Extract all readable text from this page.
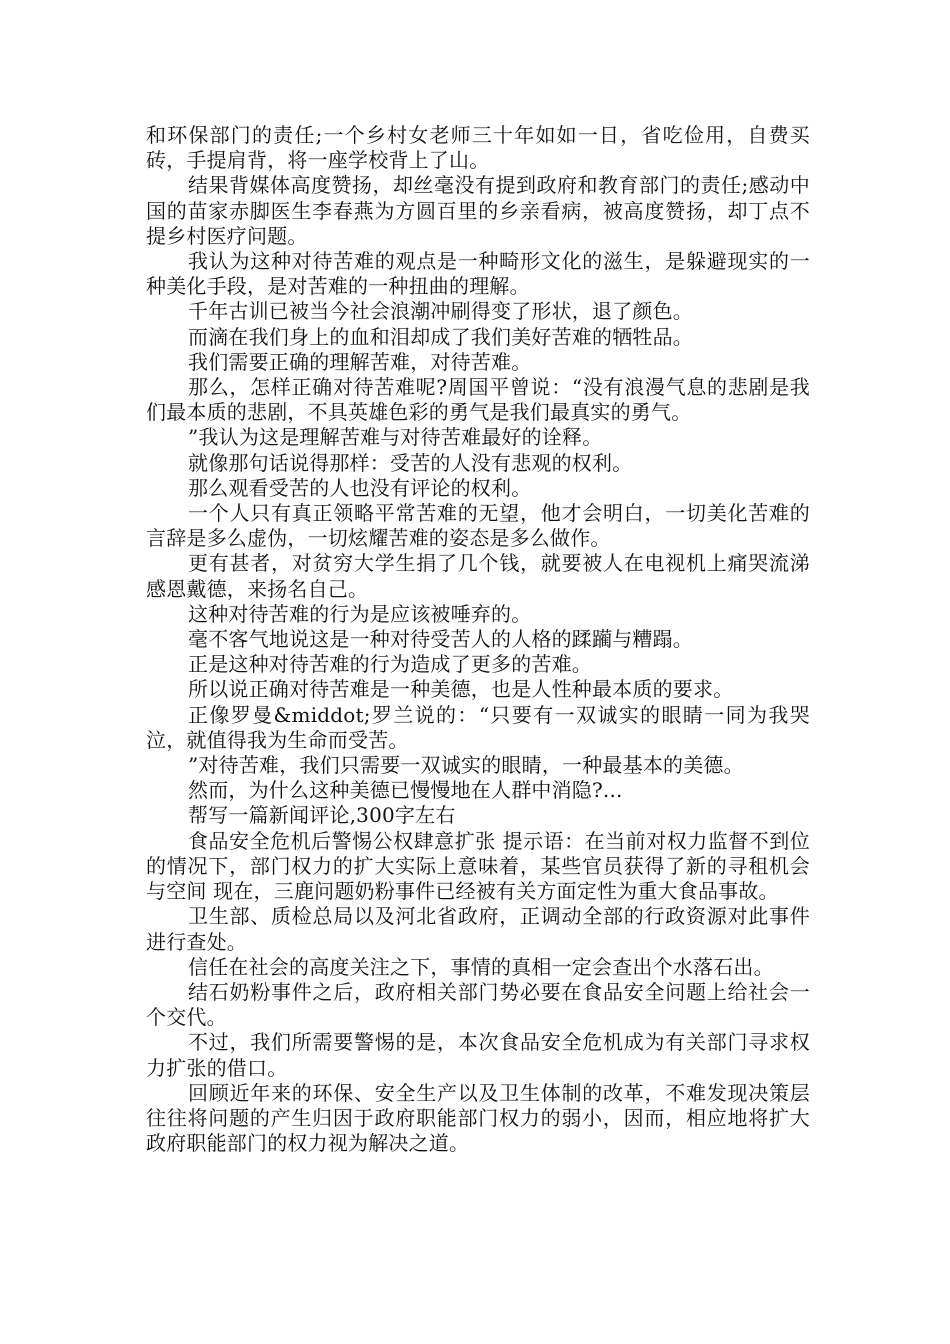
和环保部门的责任;一个乡村女老师三十年如如一日，省吃俭用，自费买砖，手提肩背，将一座学校背上了山。

结果背媒体高度赞扬，却丝毫没有提到政府和教育部门的责任;感动中国的苗家赤脚医生李春燕为方圆百里的乡亲看病，被高度赞扬，却丁点不提乡村医疗问题。

我认为这种对待苦难的观点是一种畸形文化的滋生，是躲避现实的一种美化手段，是对苦难的一种扭曲的理解。

千年古训已被当今社会浪潮冲刷得变了形状，退了颜色。

而滴在我们身上的血和泪却成了我们美好苦难的牺牲品。

我们需要正确的理解苦难，对待苦难。

那么，怎样正确对待苦难呢?周国平曾说：“没有浪漫气息的悲剧是我们最本质的悲剧，不具英雄色彩的勇气是我们最真实的勇气。

”我认为这是理解苦难与对待苦难最好的诠释。

就像那句话说得那样：受苦的人没有悲观的权利。

那么观看受苦的人也没有评论的权利。

一个人只有真正领略平常苦难的无望，他才会明白，一切美化苦难的言辞是多么虚伪，一切炫耀苦难的姿态是多么做作。

更有甚者，对贫穷大学生捐了几个钱，就要被人在电视机上痛哭流涕感恩戴德，来扬名自己。

这种对待苦难的行为是应该被唾弃的。

毫不客气地说这是一种对待受苦人的人格的蹂躏与糟蹋。

正是这种对待苦难的行为造成了更多的苦难。

所以说正确对待苦难是一种美德，也是人性种最本质的要求。

正像罗曼&middot;罗兰说的：“只要有一双诚实的眼睛一同为我哭泣，就值得我为生命而受苦。

”对待苦难，我们只需要一双诚实的眼睛，一种最基本的美德。

然而，为什么这种美德已慢慢地在人群中消隐?...

帮写一篇新闻评论,300字左右

食品安全危机后警惕公权肆意扩张 提示语：在当前对权力监督不到位的情况下，部门权力的扩大实际上意味着，某些官员获得了新的寻租机会与空间 现在，三鹿问题奶粉事件已经被有关方面定性为重大食品事故。

卫生部、质检总局以及河北省政府，正调动全部的行政资源对此事件进行查处。

信任在社会的高度关注之下，事情的真相一定会查出个水落石出。

结石奶粉事件之后，政府相关部门势必要在食品安全问题上给社会一个交代。

不过，我们所需要警惕的是，本次食品安全危机成为有关部门寻求权力扩张的借口。

回顾近年来的环保、安全生产以及卫生体制的改革，不难发现决策层往往将问题的产生归因于政府职能部门权力的弱小，因而，相应地将扩大政府职能部门的权力视为解决之道。
